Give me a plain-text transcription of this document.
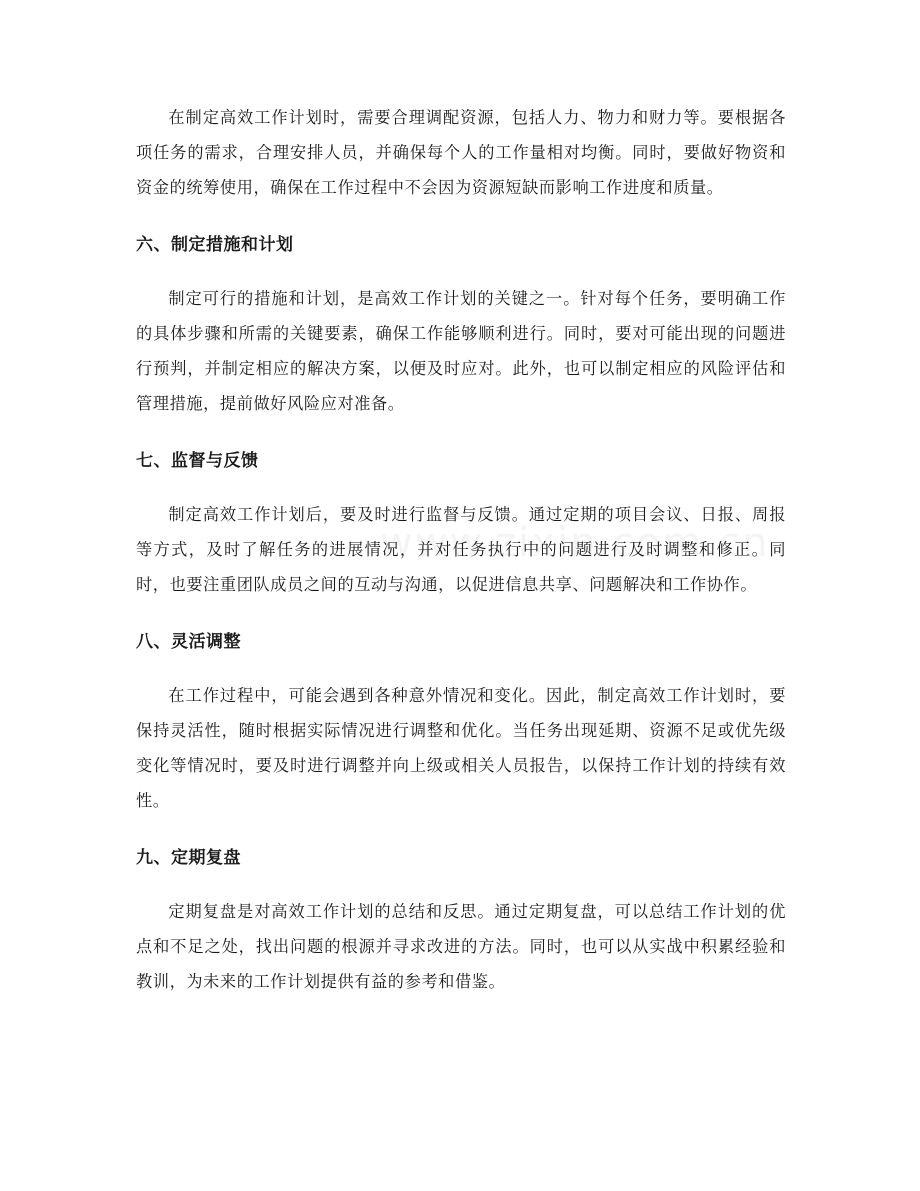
在制定高效工作计划时，需要合理调配资源，包括人力、物力和财力等。要根据各项任务的需求，合理安排人员，并确保每个人的工作量相对均衡。同时，要做好物资和资金的统筹使用，确保在工作过程中不会因为资源短缺而影响工作进度和质量。

六、制定措施和计划

制定可行的措施和计划，是高效工作计划的关键之一。针对每个任务，要明确工作的具体步骤和所需的关键要素，确保工作能够顺利进行。同时，要对可能出现的问题进行预判，并制定相应的解决方案，以便及时应对。此外，也可以制定相应的风险评估和管理措施，提前做好风险应对准备。

七、监督与反馈

制定高效工作计划后，要及时进行监督与反馈。通过定期的项目会议、日报、周报等方式，及时了解任务的进展情况，并对任务执行中的问题进行及时调整和修正。同时，也要注重团队成员之间的互动与沟通，以促进信息共享、问题解决和工作协作。

八、灵活调整

在工作过程中，可能会遇到各种意外情况和变化。因此，制定高效工作计划时，要保持灵活性，随时根据实际情况进行调整和优化。当任务出现延期、资源不足或优先级变化等情况时，要及时进行调整并向上级或相关人员报告，以保持工作计划的持续有效性。

九、定期复盘

定期复盘是对高效工作计划的总结和反思。通过定期复盘，可以总结工作计划的优点和不足之处，找出问题的根源并寻求改进的方法。同时，也可以从实战中积累经验和教训，为未来的工作计划提供有益的参考和借鉴。
